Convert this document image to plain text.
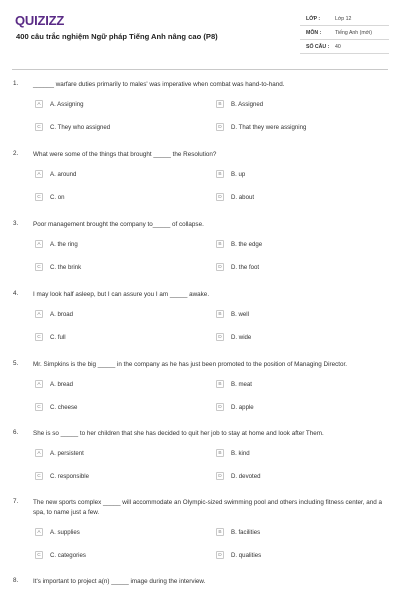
QUIZIZZ
400 câu trắc nghiệm Ngữ pháp Tiếng Anh nâng cao (P8)
LỚP :	Lớp 12
MÔN :	Tiếng Anh (mới)
SỐ CÂU :	40
1. ______ warfare duties primarily to males' was imperative when combat was hand-to-hand.
A	A. Assigning	B	B. Assigned
C	C. They who assigned	D	D. That they were assigning
2. What were some of the things that brought _____ the Resolution?
A	A. around	B	B. up
C	C. on	D	D. about
3. Poor management brought the company to_____ of collapse.
A	A. the ring	B	B. the edge
C	C. the brink	D	D. the foot
4. I may look half asleep, but I can assure you I am _____ awake.
A	A. broad	B	B. well
C	C. full	D	D. wide
5. Mr. Simpkins is the big _____ in the company as he has just been promoted to the position of Managing Director.
A	A. bread	B	B. meat
C	C. cheese	D	D. apple
6. She is so _____ to her children that she has decided to quit her job to stay at home and look after Them.
A	A. persistent	B	B. kind
C	C. responsible	D	D. devoted
7. The new sports complex _____ will accommodate an Olympic-sized swimming pool and others including fitness center, and a spa, to name just a few.
A	A. supplies	B	B. facilities
C	C. categories	D	D. qualities
8. It's important to project a(n) _____ image during the interview.
